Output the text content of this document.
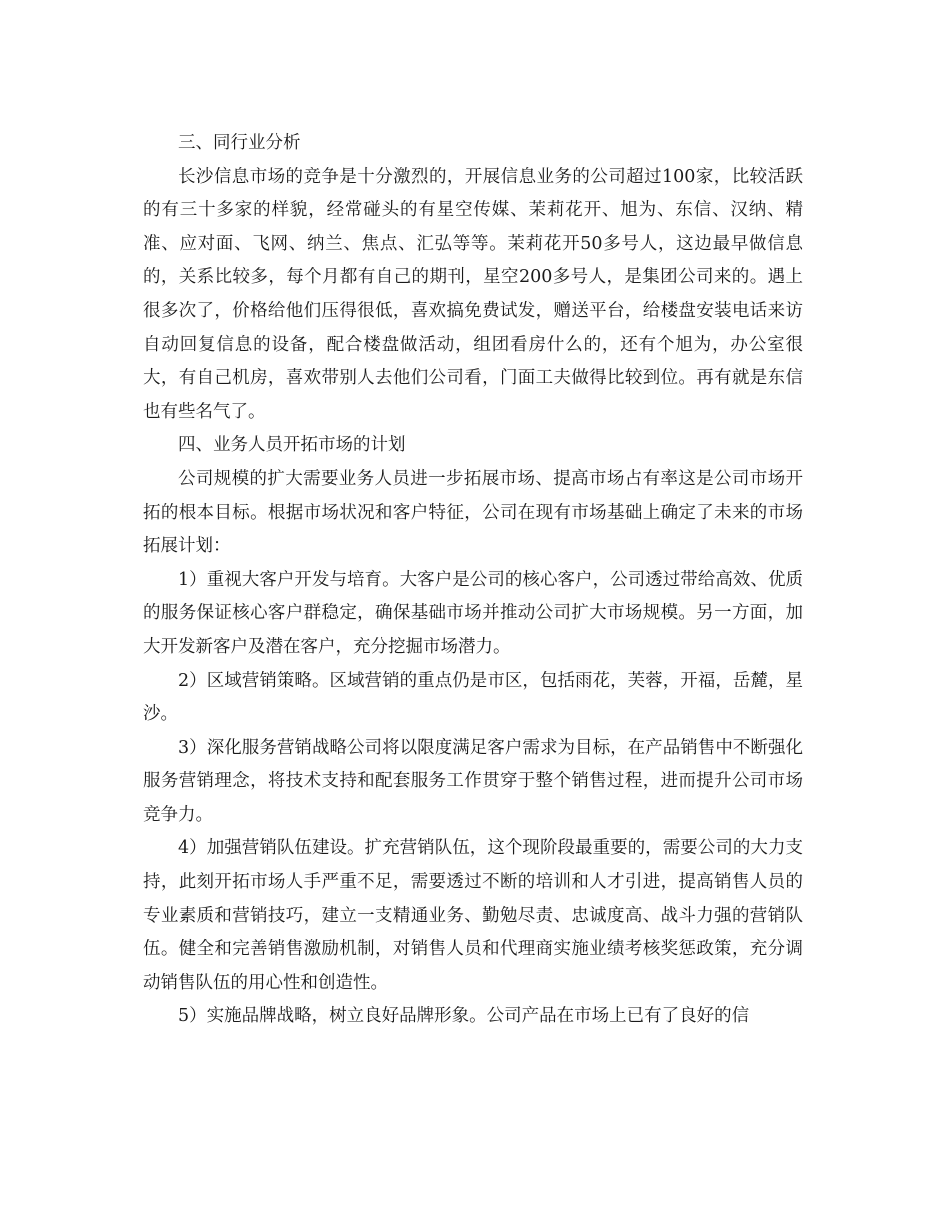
三、同行业分析

长沙信息市场的竞争是十分激烈的，开展信息业务的公司超过100家，比较活跃的有三十多家的样貌，经常碰头的有星空传媒、茉莉花开、旭为、东信、汉纳、精准、应对面、飞网、纳兰、焦点、汇弘等等。茉莉花开50多号人，这边最早做信息的，关系比较多，每个月都有自己的期刊，星空200多号人，是集团公司来的。遇上很多次了，价格给他们压得很低，喜欢搞免费试发，赠送平台，给楼盘安装电话来访自动回复信息的设备，配合楼盘做活动，组团看房什么的，还有个旭为，办公室很大，有自己机房，喜欢带别人去他们公司看，门面工夫做得比较到位。再有就是东信也有些名气了。

四、业务人员开拓市场的计划

公司规模的扩大需要业务人员进一步拓展市场、提高市场占有率这是公司市场开拓的根本目标。根据市场状况和客户特征，公司在现有市场基础上确定了未来的市场拓展计划：

1）重视大客户开发与培育。大客户是公司的核心客户，公司透过带给高效、优质的服务保证核心客户群稳定，确保基础市场并推动公司扩大市场规模。另一方面，加大开发新客户及潜在客户，充分挖掘市场潜力。

2）区域营销策略。区域营销的重点仍是市区，包括雨花，芙蓉，开福，岳麓，星沙。

3）深化服务营销战略公司将以限度满足客户需求为目标，在产品销售中不断强化服务营销理念，将技术支持和配套服务工作贯穿于整个销售过程，进而提升公司市场竞争力。

4）加强营销队伍建设。扩充营销队伍，这个现阶段最重要的，需要公司的大力支持，此刻开拓市场人手严重不足，需要透过不断的培训和人才引进，提高销售人员的专业素质和营销技巧，建立一支精通业务、勤勉尽责、忠诚度高、战斗力强的营销队伍。健全和完善销售激励机制，对销售人员和代理商实施业绩考核奖惩政策，充分调动销售队伍的用心性和创造性。

5）实施品牌战略，树立良好品牌形象。公司产品在市场上已有了良好的信
